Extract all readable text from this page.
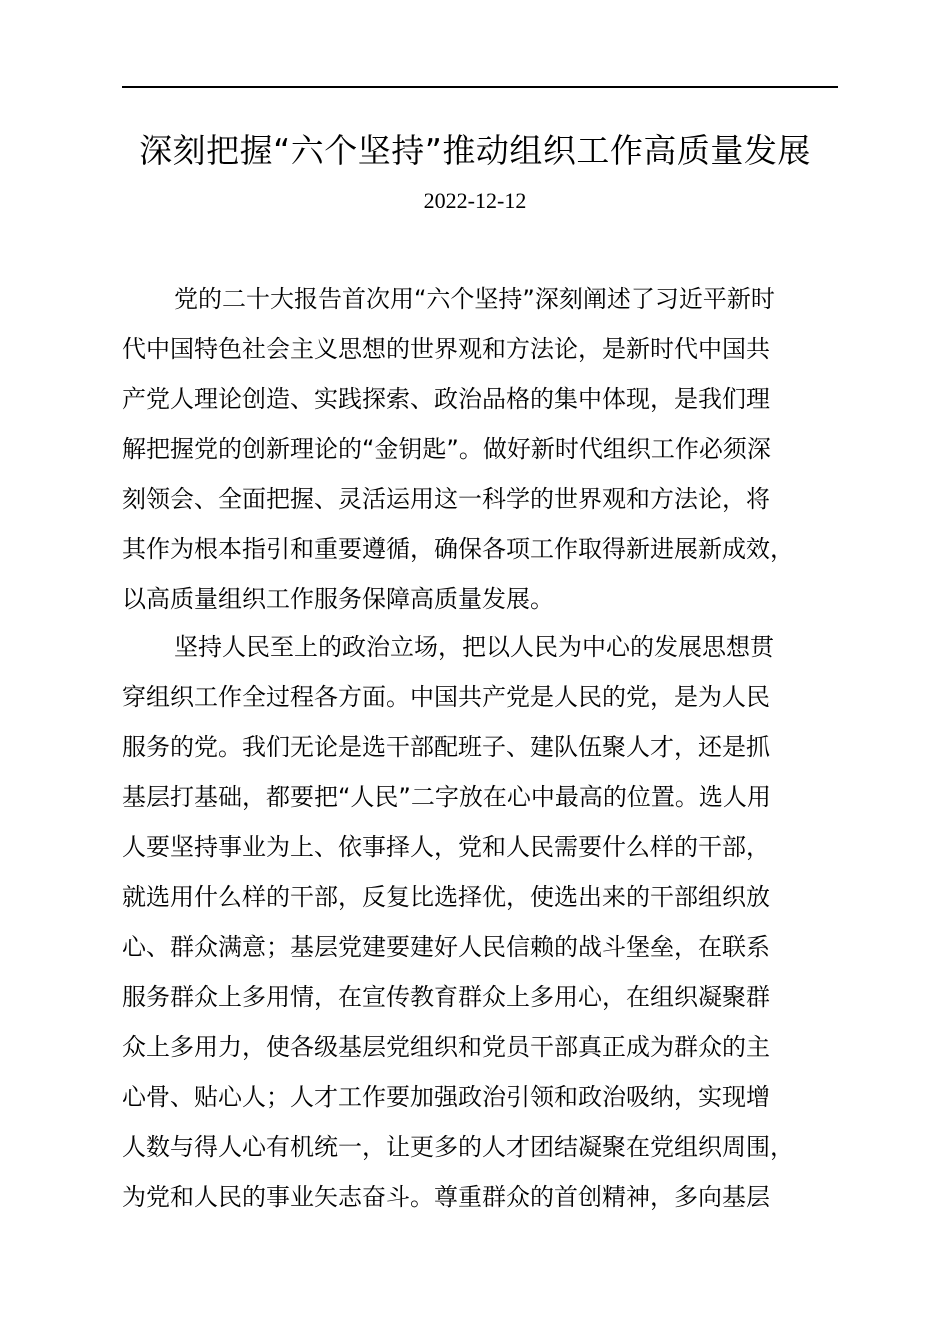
深刻把握“六个坚持”推动组织工作高质量发展
2022-12-12
党的二十大报告首次用“六个坚持”深刻阐述了习近平新时
代中国特色社会主义思想的世界观和方法论，是新时代中国共
产党人理论创造、实践探索、政治品格的集中体现，是我们理
解把握党的创新理论的“金钥匙”。做好新时代组织工作必须深
刻领会、全面把握、灵活运用这一科学的世界观和方法论，将
其作为根本指引和重要遵循，确保各项工作取得新进展新成效，
以高质量组织工作服务保障高质量发展。
坚持人民至上的政治立场，把以人民为中心的发展思想贯
穿组织工作全过程各方面。中国共产党是人民的党，是为人民
服务的党。我们无论是选干部配班子、建队伍聚人才，还是抓
基层打基础，都要把“人民”二字放在心中最高的位置。选人用
人要坚持事业为上、依事择人，党和人民需要什么样的干部，
就选用什么样的干部，反复比选择优，使选出来的干部组织放
心、群众满意；基层党建要建好人民信赖的战斗堡垒，在联系
服务群众上多用情，在宣传教育群众上多用心，在组织凝聚群
众上多用力，使各级基层党组织和党员干部真正成为群众的主
心骨、贴心人；人才工作要加强政治引领和政治吸纳，实现增
人数与得人心有机统一，让更多的人才团结凝聚在党组织周围，
为党和人民的事业矢志奋斗。尊重群众的首创精神，多向基层
